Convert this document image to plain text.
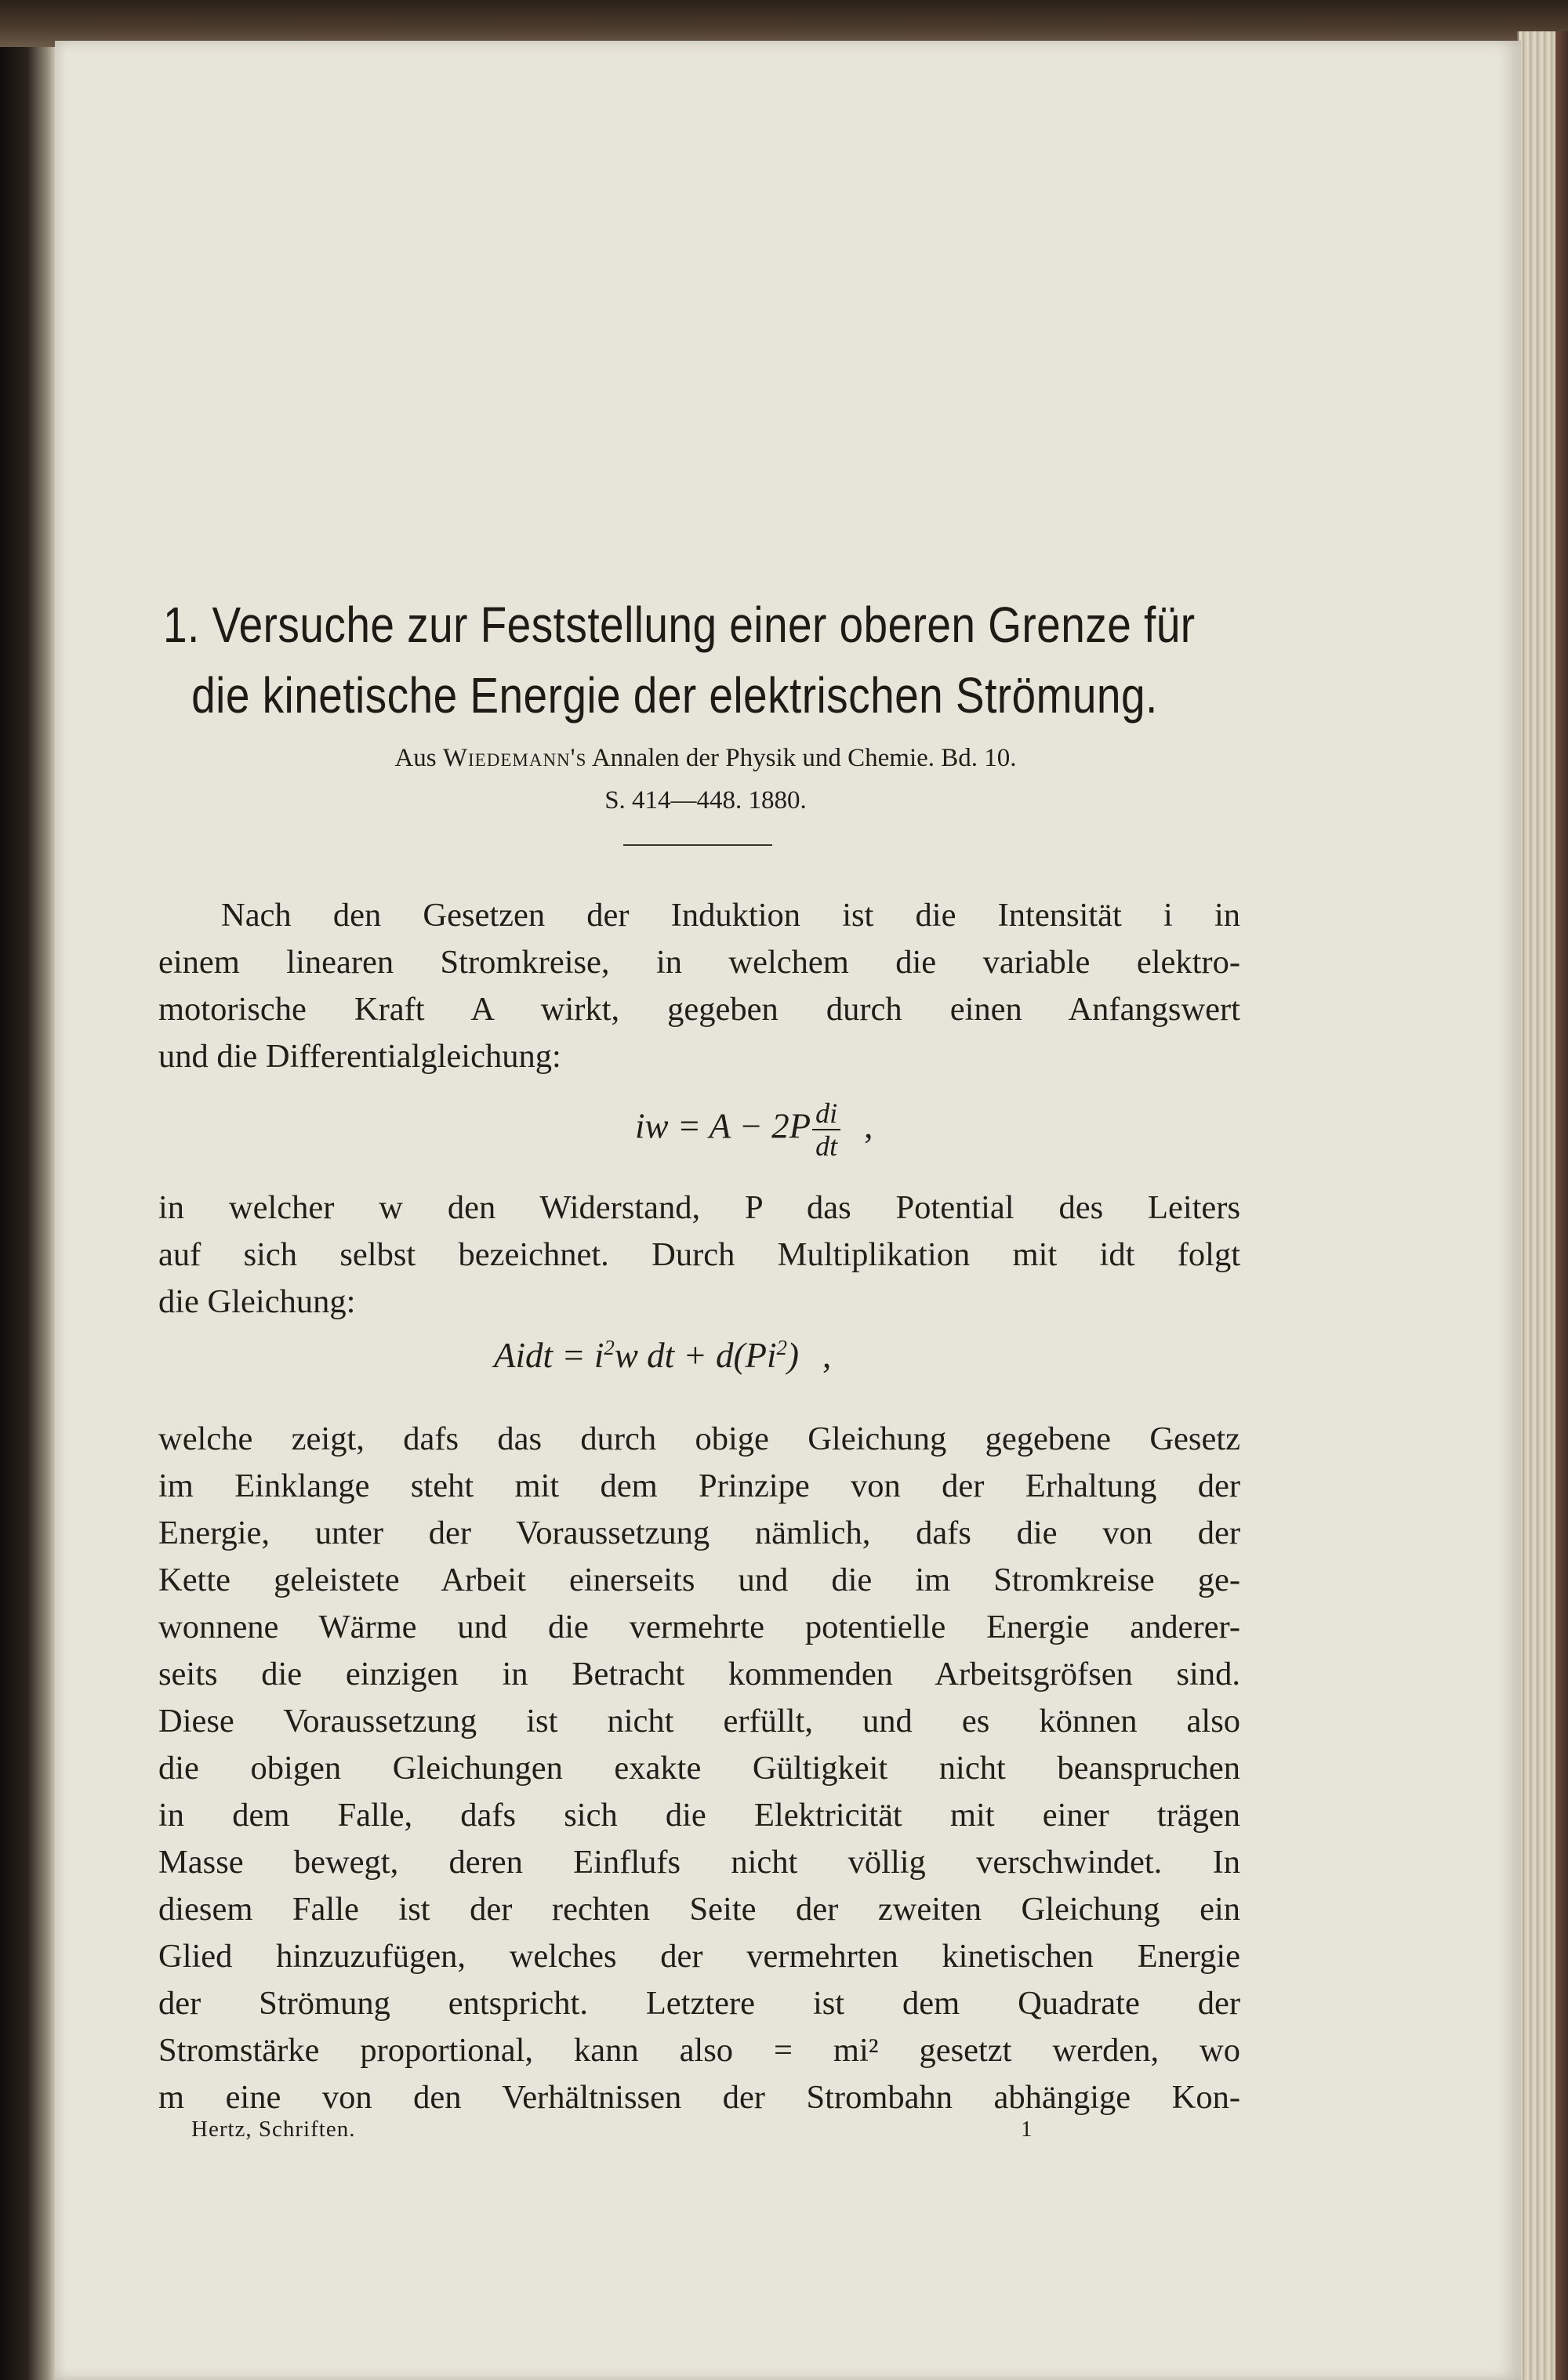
1. Versuche zur Feststellung einer oberen Grenze für
die kinetische Energie der elektrischen Strömung.
Aus Wiedemann's Annalen der Physik und Chemie. Bd. 10.
S. 414—448. 1880.
Nach den Gesetzen der Induktion ist die Intensität i in
einem linearen Stromkreise, in welchem die variable elektro-
motorische Kraft A wirkt, gegeben durch einen Anfangswert
und die Differentialgleichung:
iw = $A - 2P \frac{di}{dt}$ ,
in welcher w den Widerstand, P das Potential des Leiters
auf sich selbst bezeichnet. Durch Multiplikation mit idt folgt
die Gleichung:
Aidt = $i^2w$ dt + $d(Pi^2)$ ,
welche zeigt, dafs das durch obige Gleichung gegebene Gesetz
im Einklange steht mit dem Prinzipe von der Erhaltung der
Energie, unter der Voraussetzung nämlich, dafs die von der
Kette geleistete Arbeit einerseits und die im Stromkreise ge-
wonnene Wärme und die vermehrte potentielle Energie anderer-
seits die einzigen in Betracht kommenden Arbeitsgröfsen sind.
Diese Voraussetzung ist nicht erfüllt, und es können also
die obigen Gleichungen exakte Gültigkeit nicht beanspruchen
in dem Falle, dafs sich die Elektricität mit einer trägen
Masse bewegt, deren Einflufs nicht völlig verschwindet. In
diesem Falle ist der rechten Seite der zweiten Gleichung ein
Glied hinzuzufügen, welches der vermehrten kinetischen Energie
der Strömung entspricht. Letztere ist dem Quadrate der
Stromstärke proportional, kann also = mi² gesetzt werden, wo
m eine von den Verhältnissen der Strombahn abhängige Kon-
Hertz, Schriften.	1
